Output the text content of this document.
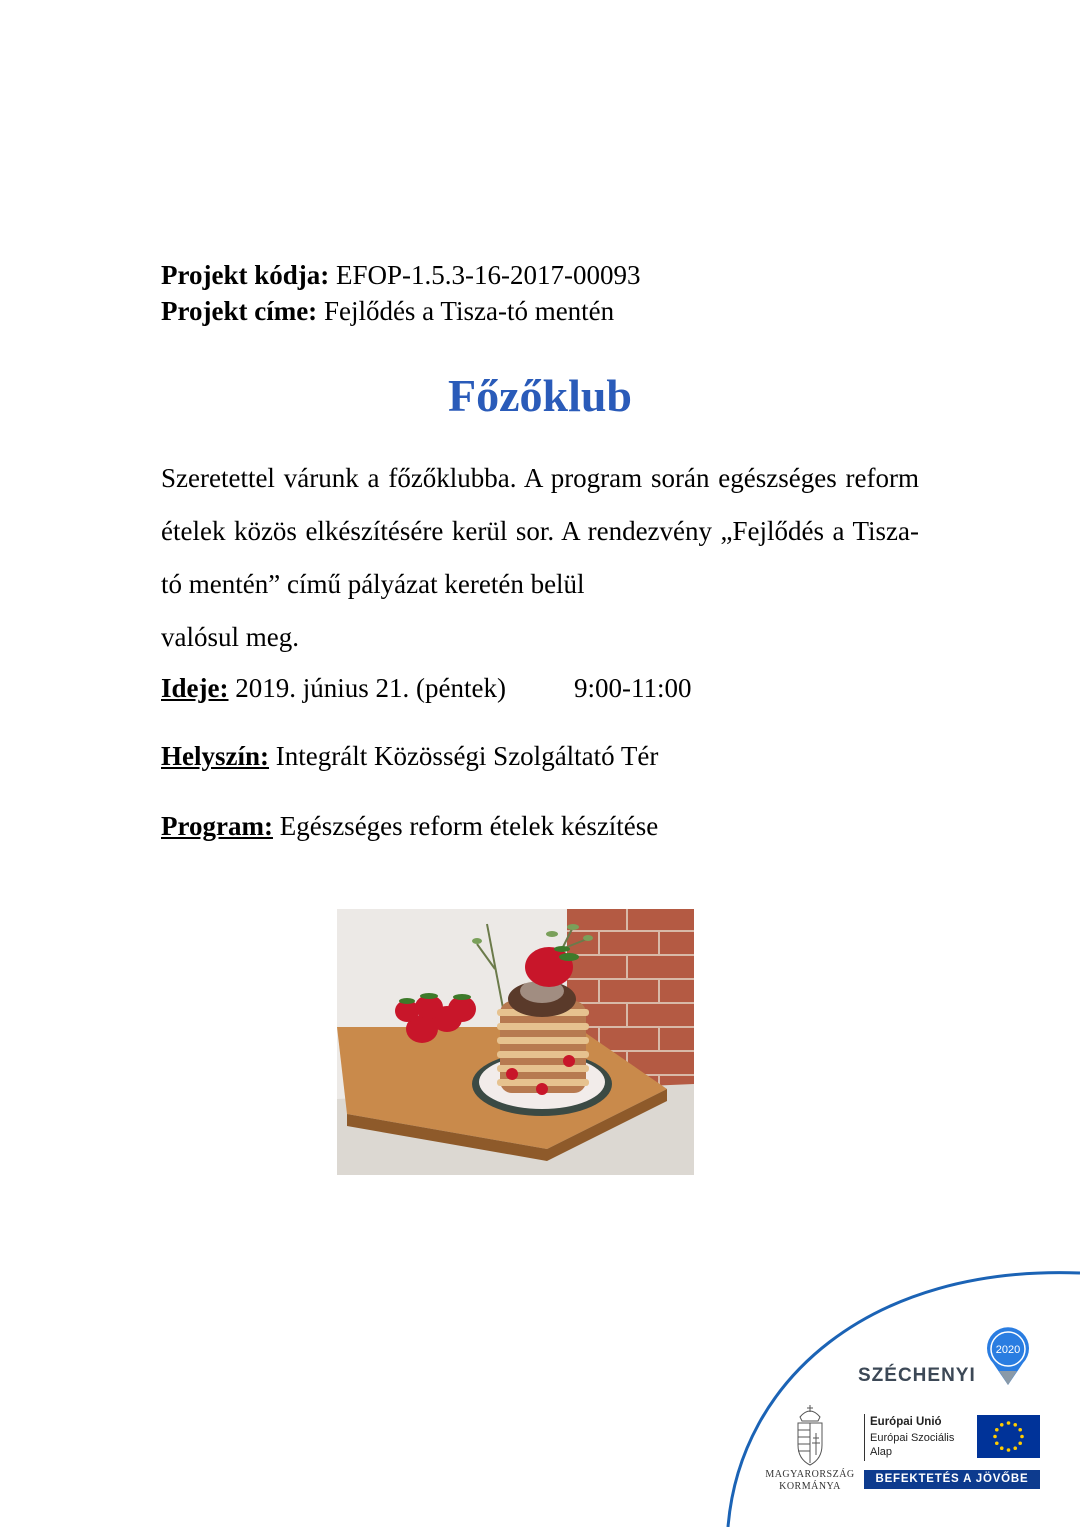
Projekt kódja: EFOP-1.5.3-16-2017-00093
Projekt címe: Fejlődés a Tisza-tó mentén
Főzőklub
Szeretettel várunk a főzőklubba. A program során egészséges reform ételek közös elkészítésére kerül sor. A rendezvény „Fejlődés a Tisza- tó mentén” című pályázat keretén belül
valósul meg.
Ideje: 2019. június 21. (péntek)	9:00-11:00
Helyszín: Integrált Közösségi Szolgáltató Tér
Program: Egészséges reform ételek készítése
SZÉCHENYI
2020
MAGYARORSZÁG
KORMÁNYA
Európai Unió
Európai Szociális
Alap
BEFEKTETÉS A JÖVŐBE
